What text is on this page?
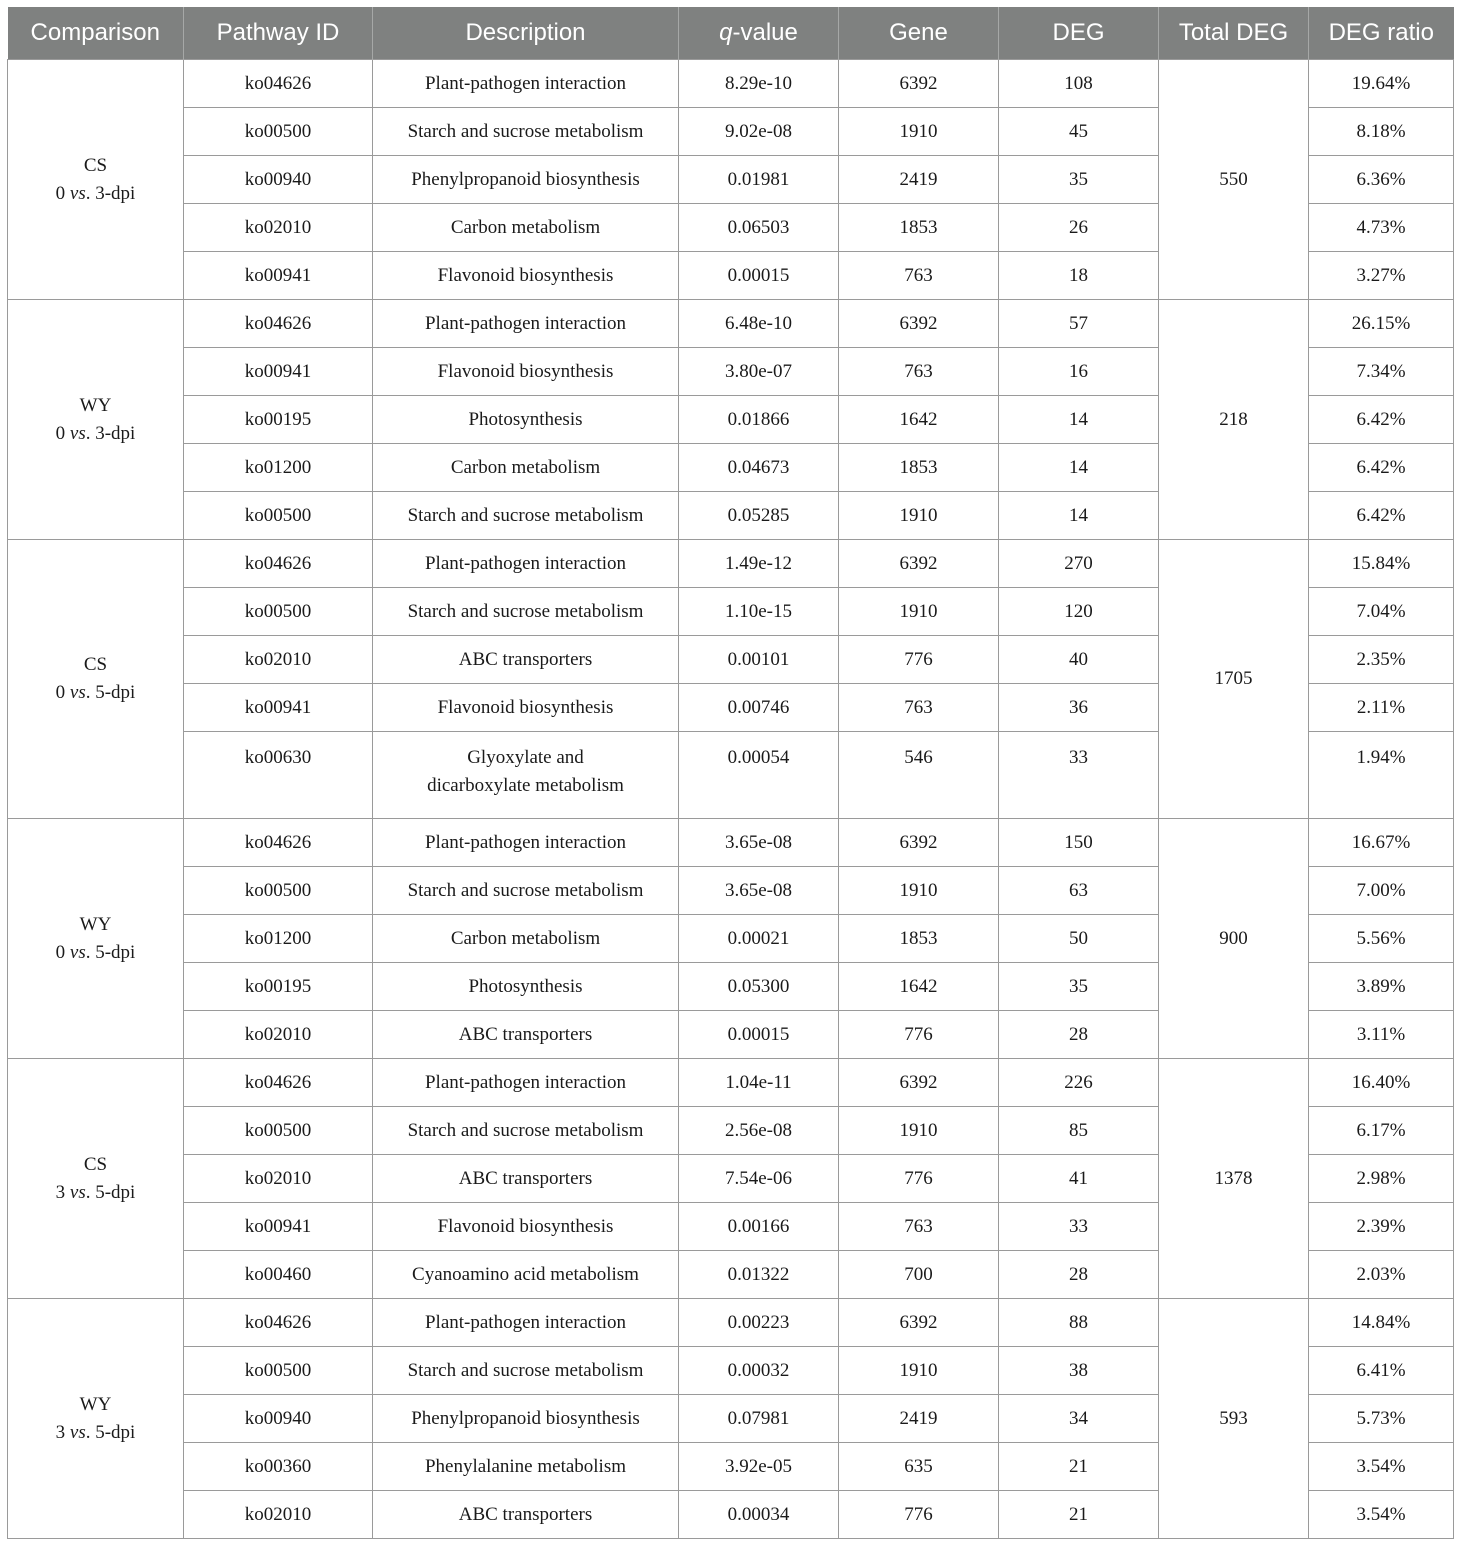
Comparison	Pathway ID	Description	q-value	Gene	DEG	Total DEG	DEG ratio
CS
0 vs. 3-dpi	ko04626	Plant-pathogen interaction	8.29e-10	6392	108	550	19.64%
	ko00500	Starch and sucrose metabolism	9.02e-08	1910	45		8.18%
	ko00940	Phenylpropanoid biosynthesis	0.01981	2419	35		6.36%
	ko02010	Carbon metabolism	0.06503	1853	26		4.73%
	ko00941	Flavonoid biosynthesis	0.00015	763	18		3.27%
WY
0 vs. 3-dpi	ko04626	Plant-pathogen interaction	6.48e-10	6392	57	218	26.15%
	ko00941	Flavonoid biosynthesis	3.80e-07	763	16		7.34%
	ko00195	Photosynthesis	0.01866	1642	14		6.42%
	ko01200	Carbon metabolism	0.04673	1853	14		6.42%
	ko00500	Starch and sucrose metabolism	0.05285	1910	14		6.42%
CS
0 vs. 5-dpi	ko04626	Plant-pathogen interaction	1.49e-12	6392	270	1705	15.84%
	ko00500	Starch and sucrose metabolism	1.10e-15	1910	120		7.04%
	ko02010	ABC transporters	0.00101	776	40		2.35%
	ko00941	Flavonoid biosynthesis	0.00746	763	36		2.11%
	ko00630	Glyoxylate and
dicarboxylate metabolism	0.00054	546	33		1.94%
WY
0 vs. 5-dpi	ko04626	Plant-pathogen interaction	3.65e-08	6392	150	900	16.67%
	ko00500	Starch and sucrose metabolism	3.65e-08	1910	63		7.00%
	ko01200	Carbon metabolism	0.00021	1853	50		5.56%
	ko00195	Photosynthesis	0.05300	1642	35		3.89%
	ko02010	ABC transporters	0.00015	776	28		3.11%
CS
3 vs. 5-dpi	ko04626	Plant-pathogen interaction	1.04e-11	6392	226	1378	16.40%
	ko00500	Starch and sucrose metabolism	2.56e-08	1910	85		6.17%
	ko02010	ABC transporters	7.54e-06	776	41		2.98%
	ko00941	Flavonoid biosynthesis	0.00166	763	33		2.39%
	ko00460	Cyanoamino acid metabolism	0.01322	700	28		2.03%
WY
3 vs. 5-dpi	ko04626	Plant-pathogen interaction	0.00223	6392	88	593	14.84%
	ko00500	Starch and sucrose metabolism	0.00032	1910	38		6.41%
	ko00940	Phenylpropanoid biosynthesis	0.07981	2419	34		5.73%
	ko00360	Phenylalanine metabolism	3.92e-05	635	21		3.54%
	ko02010	ABC transporters	0.00034	776	21		3.54%
